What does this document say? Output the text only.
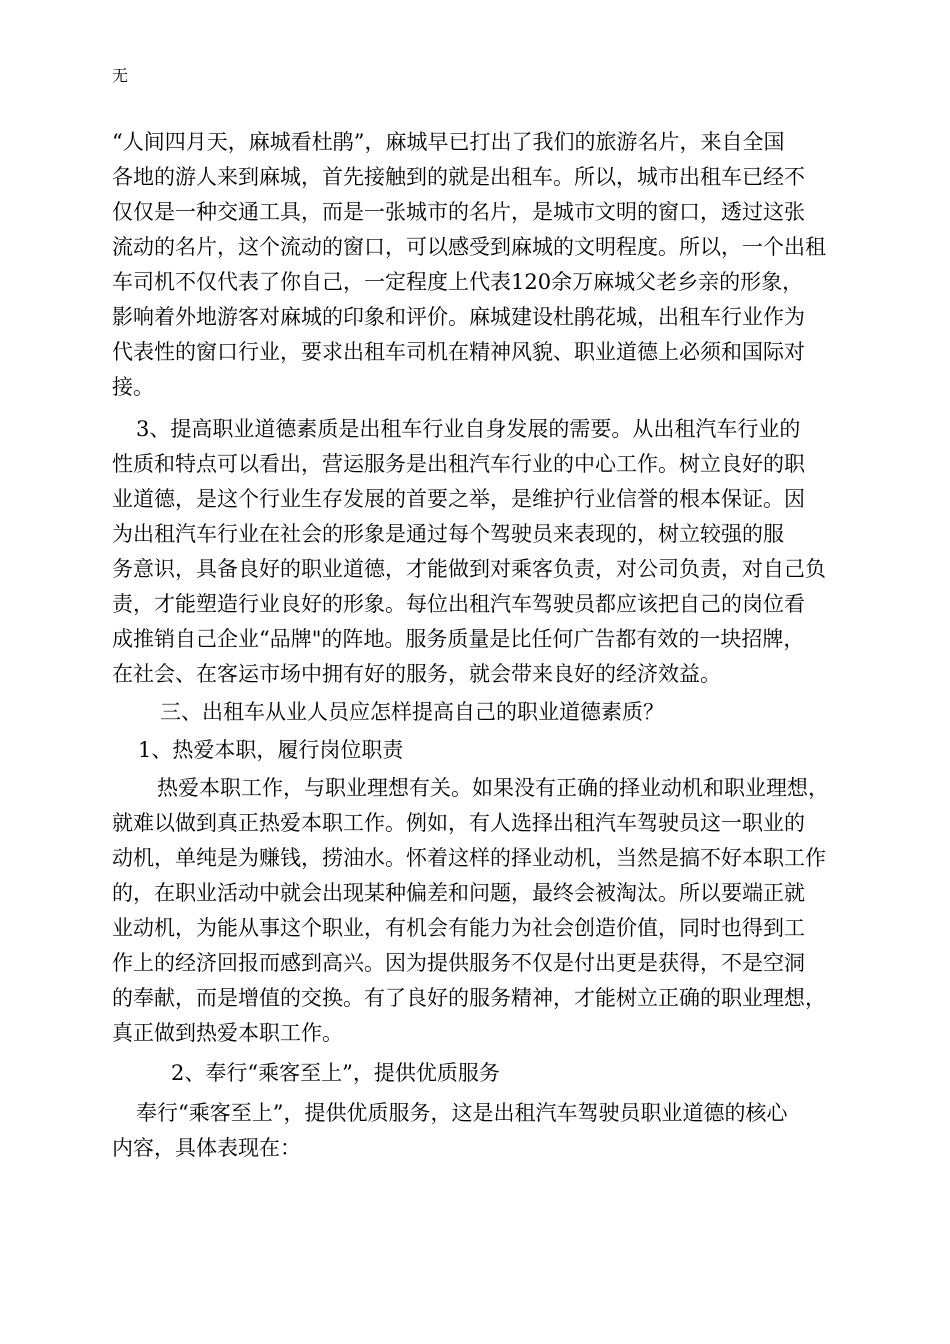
无
“人间四月天，麻城看杜鹃”，麻城早已打出了我们的旅游名片，来自全国
各地的游人来到麻城，首先接触到的就是出租车。所以，城市出租车已经不
仅仅是一种交通工具，而是一张城市的名片，是城市文明的窗口，透过这张
流动的名片，这个流动的窗口，可以感受到麻城的文明程度。所以，一个出租
车司机不仅代表了你自己，一定程度上代表120余万麻城父老乡亲的形象，
影响着外地游客对麻城的印象和评价。麻城建设杜鹃花城，出租车行业作为
代表性的窗口行业，要求出租车司机在精神风貌、职业道德上必须和国际对
接。
3、提高职业道德素质是出租车行业自身发展的需要。从出租汽车行业的
性质和特点可以看出，营运服务是出租汽车行业的中心工作。树立良好的职
业道德，是这个行业生存发展的首要之举，是维护行业信誉的根本保证。因
为出租汽车行业在社会的形象是通过每个驾驶员来表现的，树立较强的服
务意识，具备良好的职业道德，才能做到对乘客负责，对公司负责，对自己负
责，才能塑造行业良好的形象。每位出租汽车驾驶员都应该把自己的岗位看
成推销自己企业“品牌"的阵地。服务质量是比任何广告都有效的一块招牌，
在社会、在客运市场中拥有好的服务，就会带来良好的经济效益。
三、出租车从业人员应怎样提高自己的职业道德素质？
1、热爱本职，履行岗位职责
热爱本职工作，与职业理想有关。如果没有正确的择业动机和职业理想，
就难以做到真正热爱本职工作。例如，有人选择出租汽车驾驶员这一职业的
动机，单纯是为赚钱，捞油水。怀着这样的择业动机，当然是搞不好本职工作
的，在职业活动中就会出现某种偏差和问题，最终会被淘汰。所以要端正就
业动机，为能从事这个职业，有机会有能力为社会创造价值，同时也得到工
作上的经济回报而感到高兴。因为提供服务不仅是付出更是获得，不是空洞
的奉献，而是增值的交换。有了良好的服务精神，才能树立正确的职业理想，
真正做到热爱本职工作。
2、奉行“乘客至上”，提供优质服务
奉行“乘客至上”，提供优质服务，这是出租汽车驾驶员职业道德的核心
内容，具体表现在：
